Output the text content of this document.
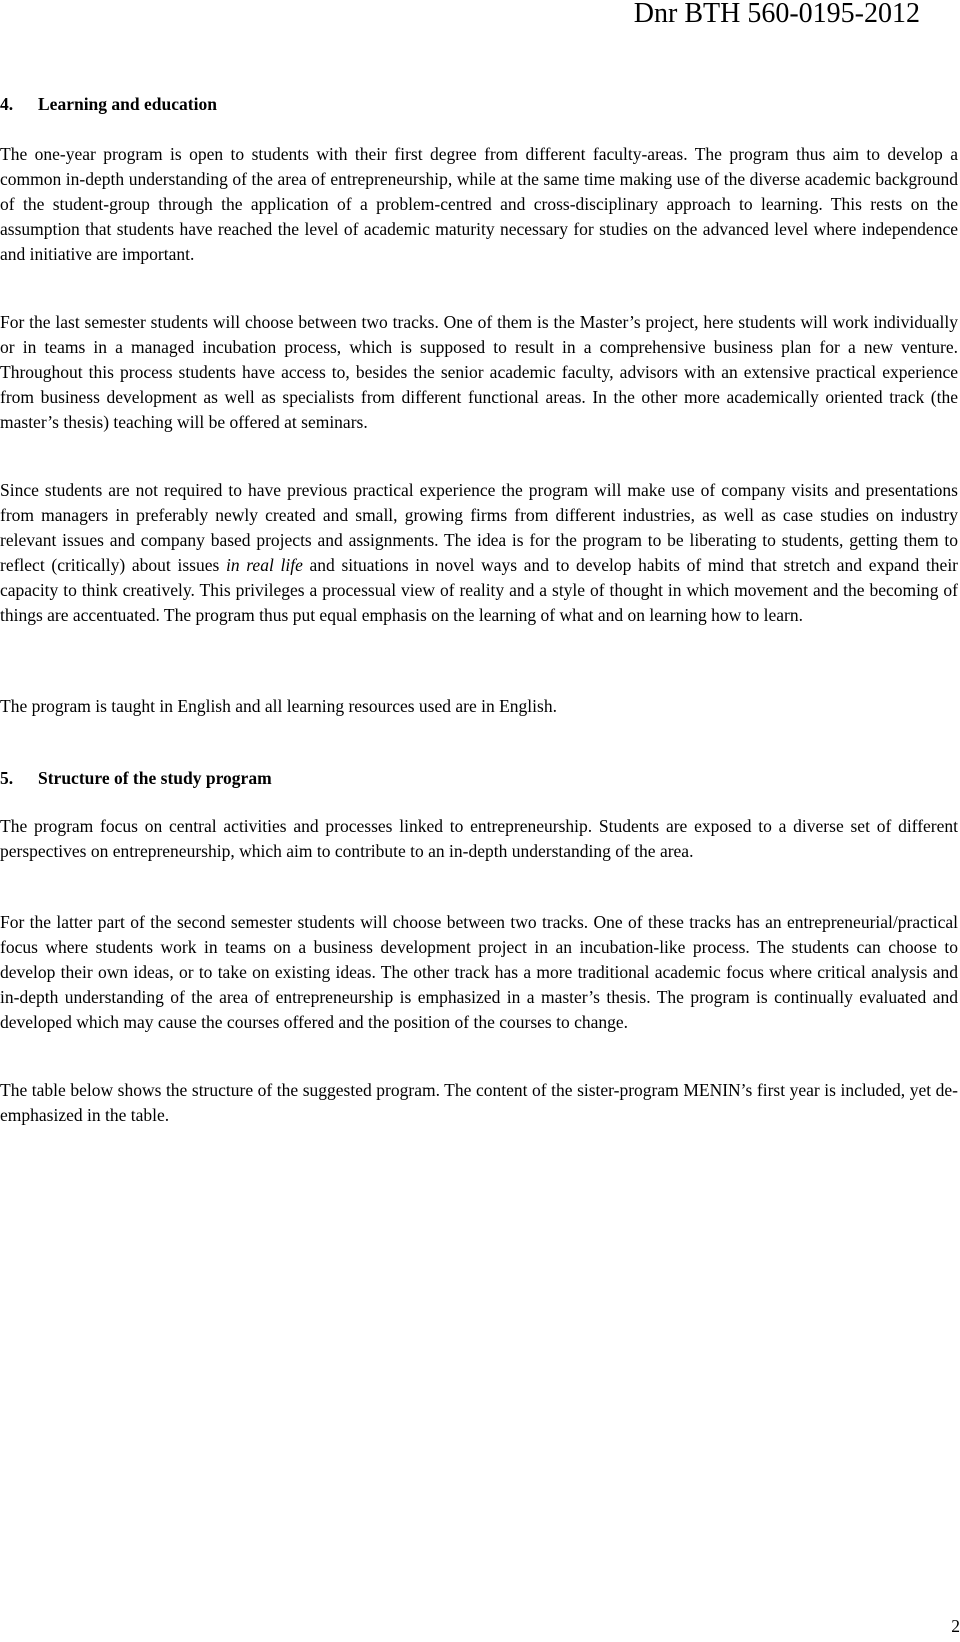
Dnr BTH 560-0195-2012
4. Learning and education

The one-year program is open to students with their first degree from different faculty-areas. The program thus aim to develop a common in-depth understanding of the area of entrepreneurship, while at the same time making use of the diverse academic background of the student-group through the application of a problem-centred and cross-disciplinary approach to learning. This rests on the assumption that students have reached the level of academic maturity necessary for studies on the advanced level where independence and initiative are important.

For the last semester students will choose between two tracks. One of them is the Master’s project, here students will work individually or in teams in a managed incubation process, which is supposed to result in a comprehensive business plan for a new venture. Throughout this process students have access to, besides the senior academic faculty, advisors with an extensive practical experience from business development as well as specialists from different functional areas. In the other more academically oriented track (the master’s thesis) teaching will be offered at seminars.

Since students are not required to have previous practical experience the program will make use of company visits and presentations from managers in preferably newly created and small, growing firms from different industries, as well as case studies on industry relevant issues and company based projects and assignments. The idea is for the program to be liberating to students, getting them to reflect (critically) about issues in real life and situations in novel ways and to develop habits of mind that stretch and expand their capacity to think creatively. This privileges a processual view of reality and a style of thought in which movement and the becoming of things are accentuated. The program thus put equal emphasis on the learning of what and on learning how to learn.

The program is taught in English and all learning resources used are in English.

5. Structure of the study program

The program focus on central activities and processes linked to entrepreneurship. Students are exposed to a diverse set of different perspectives on entrepreneurship, which aim to contribute to an in-depth understanding of the area.

For the latter part of the second semester students will choose between two tracks. One of these tracks has an entrepreneurial/practical focus where students work in teams on a business development project in an incubation-like process. The students can choose to develop their own ideas, or to take on existing ideas. The other track has a more traditional academic focus where critical analysis and in-depth understanding of the area of entrepreneurship is emphasized in a master’s thesis. The program is continually evaluated and developed which may cause the courses offered and the position of the courses to change.

The table below shows the structure of the suggested program. The content of the sister-program MENIN’s first year is included, yet de-emphasized in the table.

2
